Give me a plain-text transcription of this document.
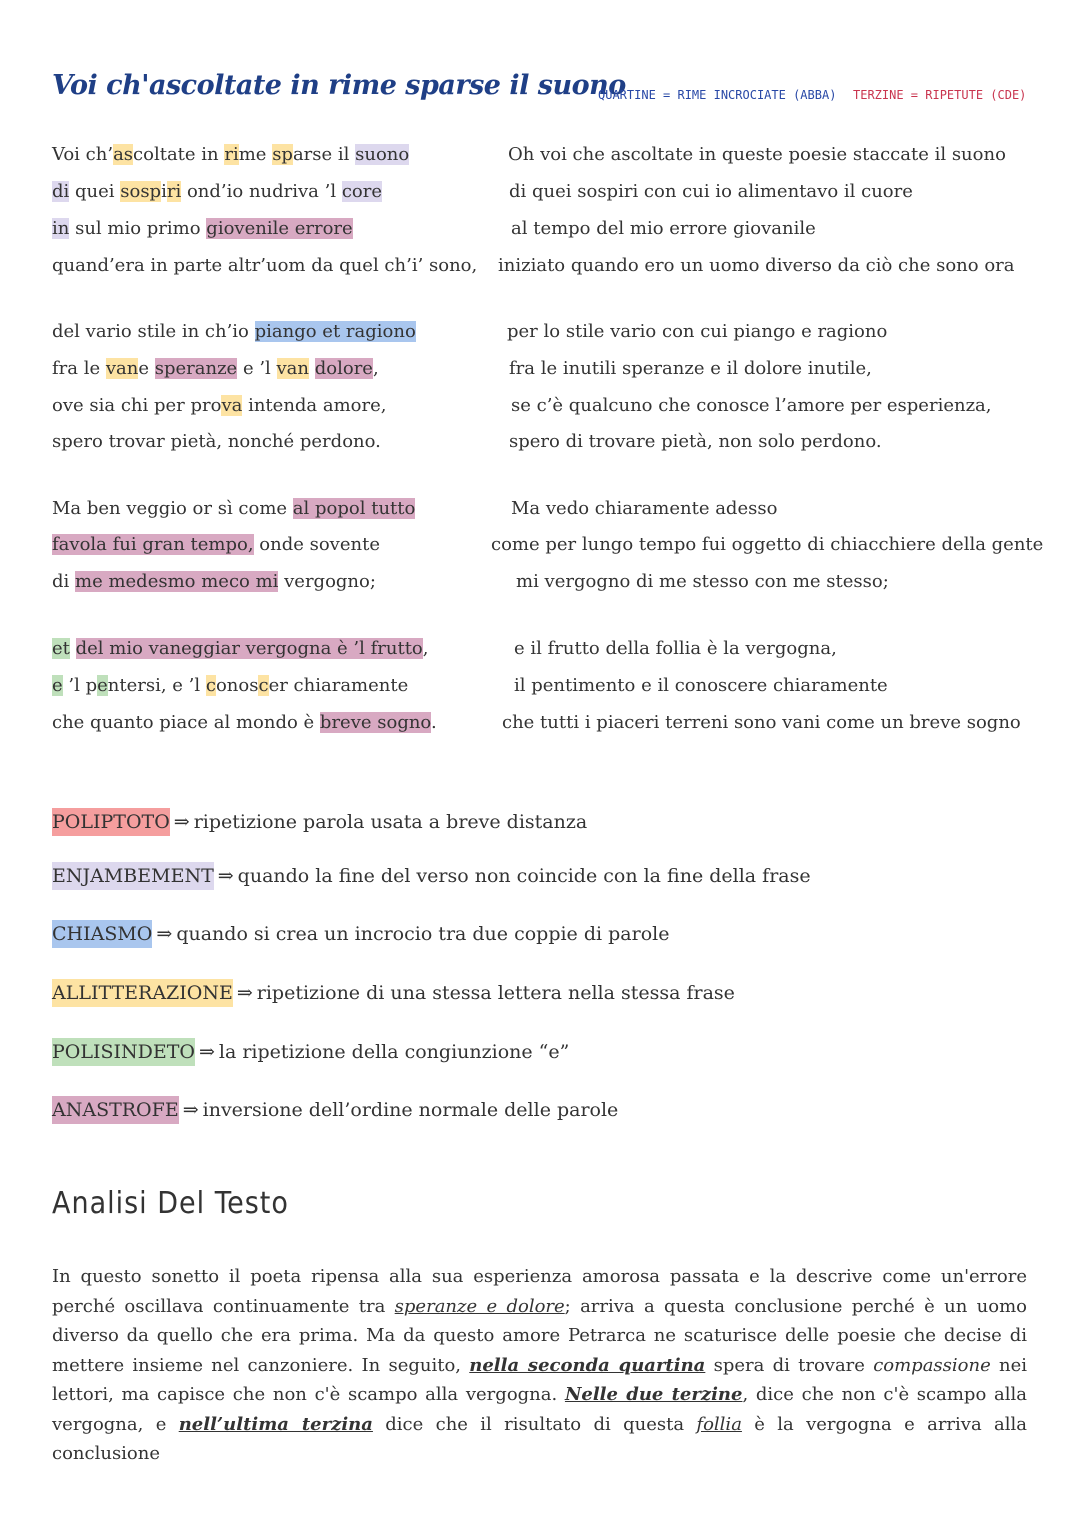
Voi ch'ascoltate in rime sparse il suono
QUARTINE = RIME INCROCIATE (ABBA) TERZINE = RIPETUTE (CDE)
Voi ch’ascoltate in rime sparse il suono
di quei sospiri ond’io nudriva ’l core
in sul mio primo giovenile errore
quand’era in parte altr’uom da quel ch’i’ sono,
del vario stile in ch’io piango et ragiono
fra le vane speranze e ’l van dolore,
ove sia chi per prova intenda amore,
spero trovar pietà, nonché perdono.
Ma ben veggio or sì come al popol tutto
favola fui gran tempo, onde sovente
di me medesmo meco mi vergogno;
et del mio vaneggiar vergogna è ’l frutto,
e ’l pentersi, e ’l conoscer chiaramente
che quanto piace al mondo è breve sogno.
Oh voi che ascoltate in queste poesie staccate il suono
di quei sospiri con cui io alimentavo il cuore
al tempo del mio errore giovanile
iniziato quando ero un uomo diverso da ciò che sono ora
per lo stile vario con cui piango e ragiono
fra le inutili speranze e il dolore inutile,
se c’è qualcuno che conosce l’amore per esperienza,
spero di trovare pietà, non solo perdono.
Ma vedo chiaramente adesso
come per lungo tempo fui oggetto di chiacchiere della gente
mi vergogno di me stesso con me stesso;
e il frutto della follia è la vergogna,
il pentimento e il conoscere chiaramente
che tutti i piaceri terreni sono vani come un breve sogno
POLIPTOTO ⇒ ripetizione parola usata a breve distanza
ENJAMBEMENT ⇒ quando la fine del verso non coincide con la fine della frase
CHIASMO ⇒ quando si crea un incrocio tra due coppie di parole
ALLITTERAZIONE ⇒ ripetizione di una stessa lettera nella stessa frase
POLISINDETO ⇒ la ripetizione della congiunzione “e”
ANASTROFE ⇒ inversione dell’ordine normale delle parole
Analisi Del Testo

In questo sonetto il poeta ripensa alla sua esperienza amorosa passata e la descrive come un'errore perché oscillava continuamente tra speranze e dolore; arriva a questa conclusione perché è un uomo diverso da quello che era prima. Ma da questo amore Petrarca ne scaturisce delle poesie che decise di mettere insieme nel canzoniere. In seguito, nella seconda quartina spera di trovare compassione nei lettori, ma capisce che non c'è scampo alla vergogna. Nelle due terzine, dice che non c'è scampo alla vergogna, e nell’ultima terzina dice che il risultato di questa follia è la vergogna e arriva alla conclusione
